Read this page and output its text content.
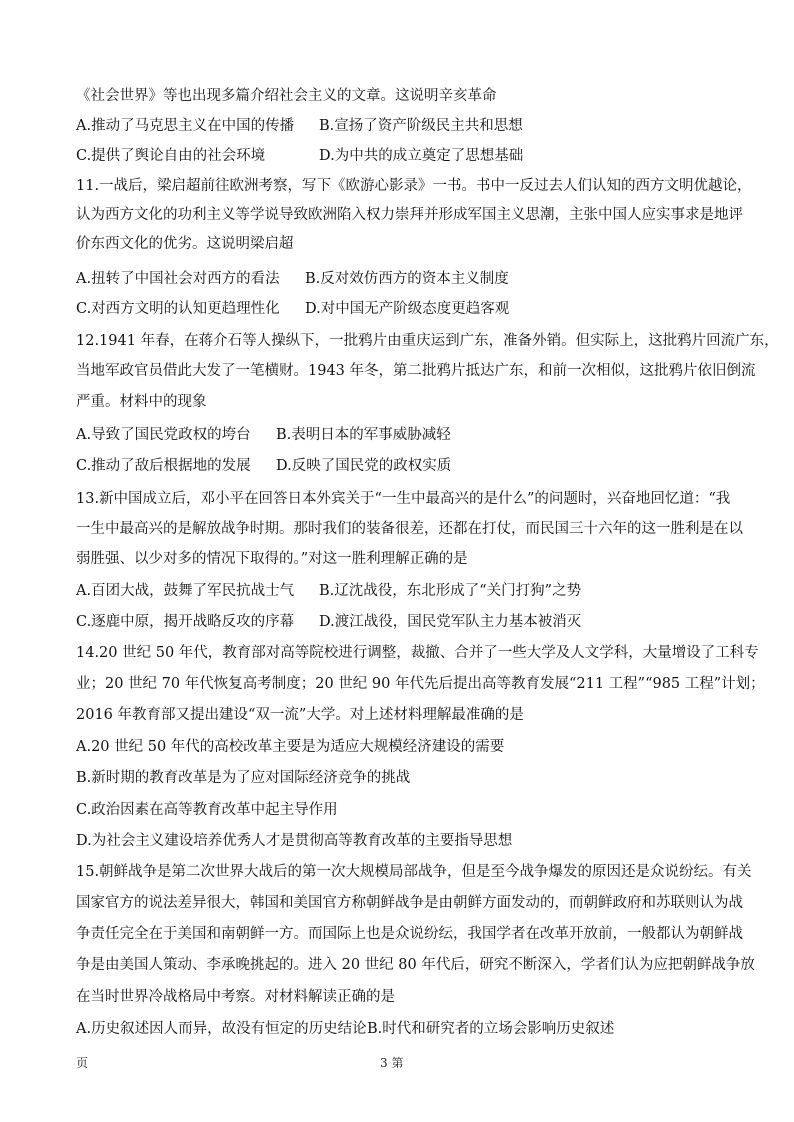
《社会世界》等也出现多篇介绍社会主义的文章。这说明辛亥革命
A.推动了马克思主义在中国的传播 B.宣扬了资产阶级民主共和思想
C.提供了舆论自由的社会环境	D.为中共的成立奠定了思想基础
11.一战后，梁启超前往欧洲考察，写下《欧游心影录》一书。书中一反过去人们认知的西方文明优越论，
认为西方文化的功利主义等学说导致欧洲陷入权力崇拜并形成军国主义思潮，主张中国人应实事求是地评
价东西文化的优劣。这说明梁启超
A.扭转了中国社会对西方的看法 B.反对效仿西方的资本主义制度
C.对西方文明的认知更趋理性化 D.对中国无产阶级态度更趋客观
12.1941 年春，在蒋介石等人操纵下，一批鸦片由重庆运到广东，准备外销。但实际上，这批鸦片回流广东，
当地军政官员借此大发了一笔横财。1943 年冬，第二批鸦片抵达广东，和前一次相似，这批鸦片依旧倒流
严重。材料中的现象
A.导致了国民党政权的垮台 B.表明日本的军事威胁减轻
C.推动了敌后根据地的发展 D.反映了国民党的政权实质
13.新中国成立后，邓小平在回答日本外宾关于“一生中最高兴的是什么”的问题时，兴奋地回忆道：“我
一生中最高兴的是解放战争时期。那时我们的装备很差，还都在打仗，而民国三十六年的这一胜利是在以
弱胜强、以少对多的情况下取得的。”对这一胜利理解正确的是
A.百团大战，鼓舞了军民抗战士气 B.辽沈战役，东北形成了“关门打狗”之势
C.逐鹿中原，揭开战略反攻的序幕 D.渡江战役，国民党军队主力基本被消灭
14.20 世纪 50 年代，教育部对高等院校进行调整，裁撤、合并了一些大学及人文学科，大量增设了工科专
业；20 世纪 70 年代恢复高考制度；20 世纪 90 年代先后提出高等教育发展“211 工程”“985 工程”计划；
2016 年教育部又提出建设“双一流”大学。对上述材料理解最准确的是
A.20 世纪 50 年代的高校改革主要是为适应大规模经济建设的需要
B.新时期的教育改革是为了应对国际经济竞争的挑战
C.政治因素在高等教育改革中起主导作用
D.为社会主义建设培养优秀人才是贯彻高等教育改革的主要指导思想
15.朝鲜战争是第二次世界大战后的第一次大规模局部战争，但是至今战争爆发的原因还是众说纷纭。有关
国家官方的说法差异很大，韩国和美国官方称朝鲜战争是由朝鲜方面发动的，而朝鲜政府和苏联则认为战
争责任完全在于美国和南朝鲜一方。而国际上也是众说纷纭，我国学者在改革开放前，一般都认为朝鲜战
争是由美国人策动、李承晚挑起的。进入 20 世纪 80 年代后，研究不断深入，学者们认为应把朝鲜战争放
在当时世界冷战格局中考察。对材料解读正确的是
A.历史叙述因人而异，故没有恒定的历史结论 B.时代和研究者的立场会影响历史叙述
页	3 第
